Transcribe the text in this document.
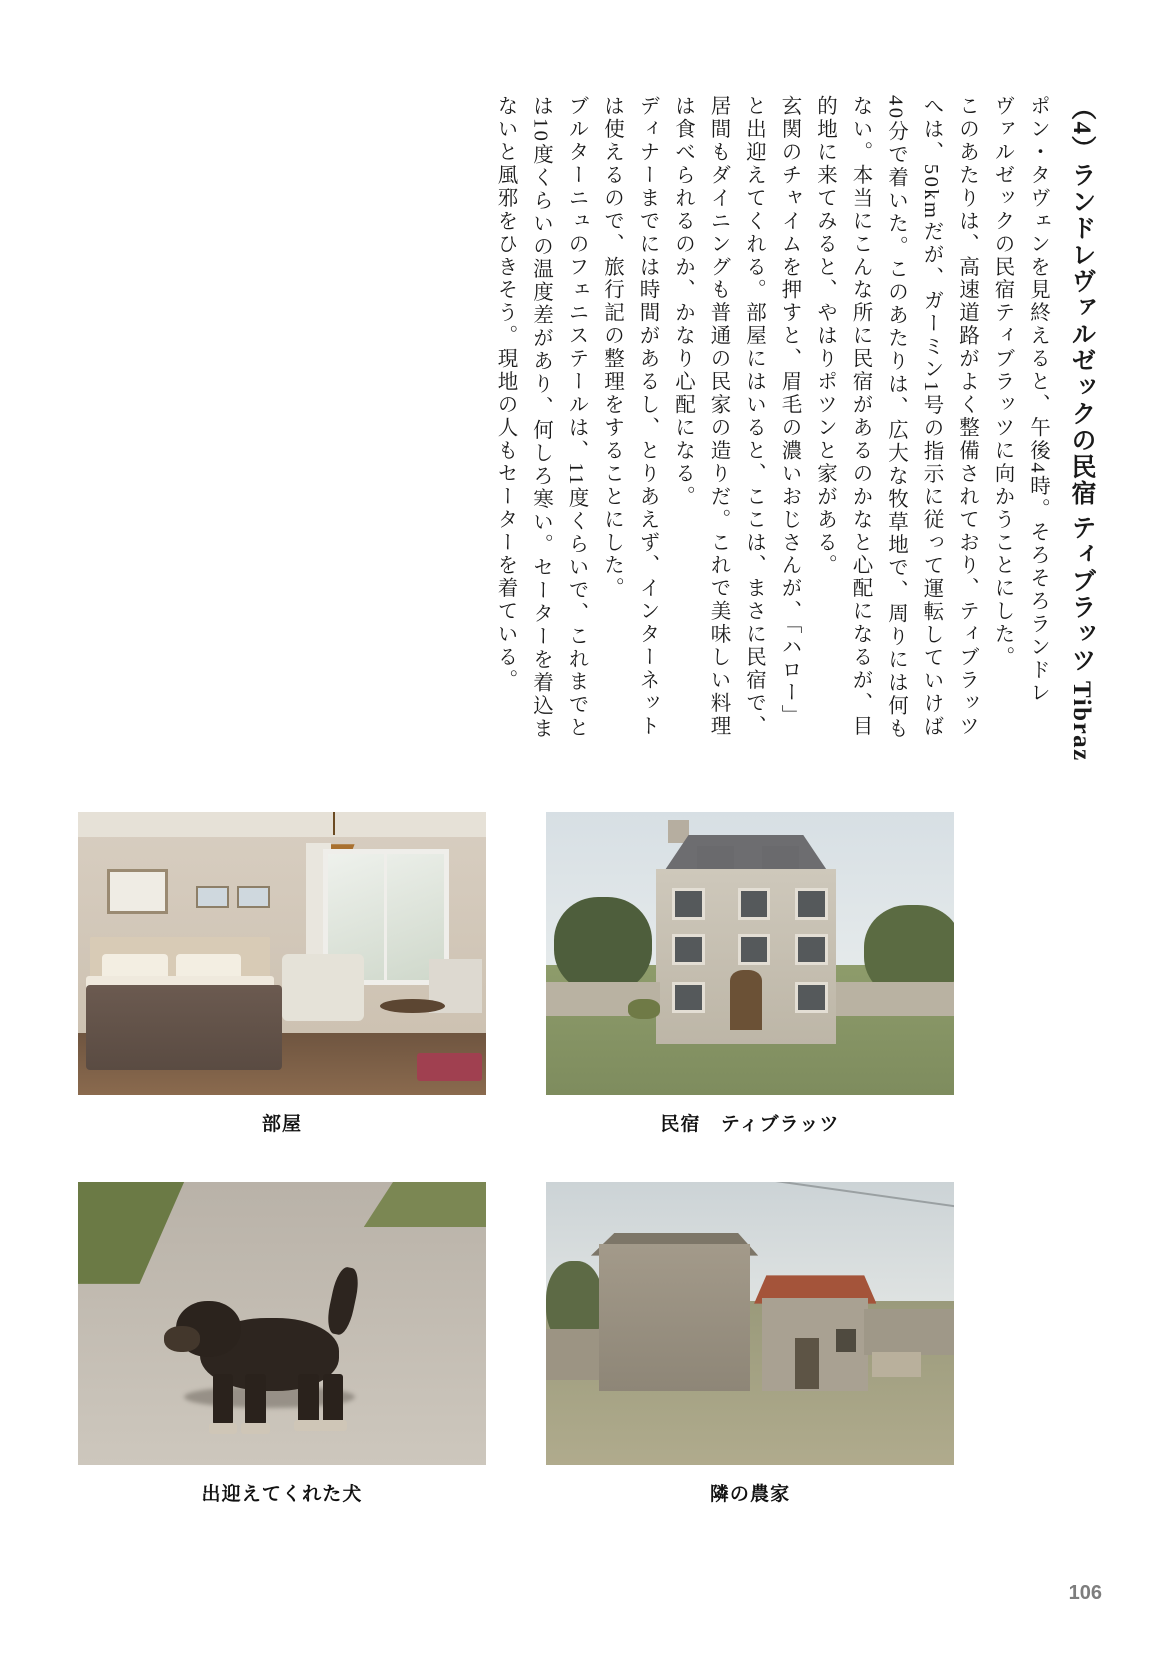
（4）ランドレヴァルゼックの民宿 ティブラッツ Tibraz
ポン・タヴェンを見終えると、午後4時。そろそろランドレ
ヴァルゼックの民宿ティブラッツに向かうことにした。
このあたりは、高速道路がよく整備されており、ティブラッツ
へは、50kmだが、ガーミン1号の指示に従って運転していけば
40分で着いた。このあたりは、広大な牧草地で、周りには何も
ない。本当にこんな所に民宿があるのかなと心配になるが、目
的地に来てみると、やはりポツンと家がある。
玄関のチャイムを押すと、眉毛の濃いおじさんが、「ハロー」
と出迎えてくれる。部屋にはいると、ここは、まさに民宿で、
居間もダイニングも普通の民家の造りだ。これで美味しい料理
は食べられるのか、かなり心配になる。
ディナーまでには時間があるし、とりあえず、インターネット
は使えるので、旅行記の整理をすることにした。
ブルターニュのフェニステールは、11度くらいで、これまでと
は10度くらいの温度差があり、何しろ寒い。セーターを着込ま
ないと風邪をひきそう。現地の人もセーターを着ている。
部屋	民宿　ティブラッツ
出迎えてくれた犬	隣の農家
106
